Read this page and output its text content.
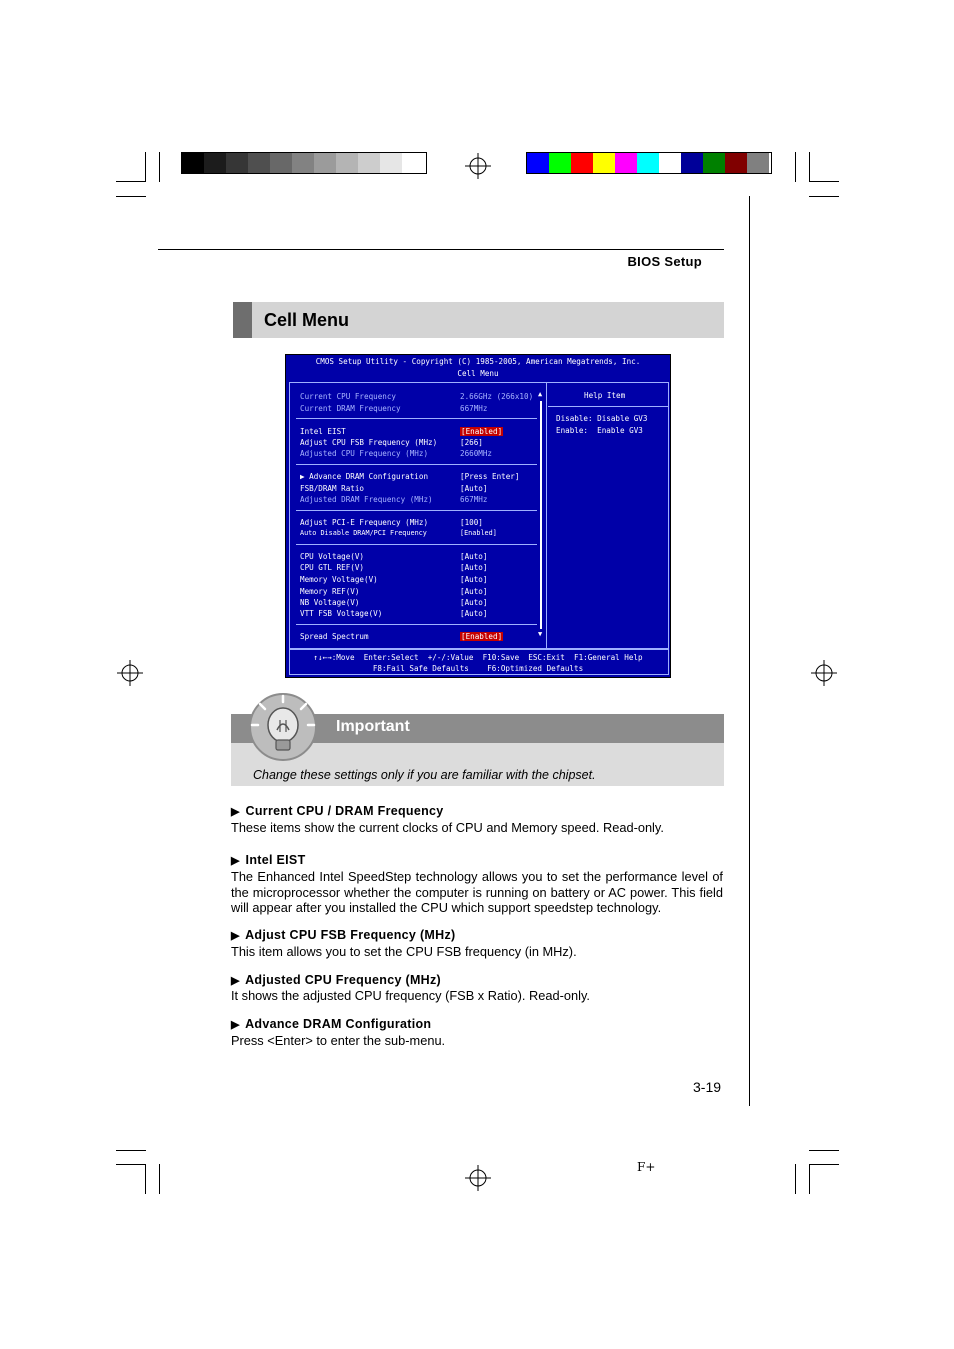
BIOS Setup
Cell Menu
CMOS Setup Utility - Copyright (C) 1985-2005, American Megatrends, Inc.
Cell Menu
▲
▼
Help Item
Disable: Disable GV3
Enable:  Enable GV3
Current CPU Frequency	2.66GHz (266x10)
Current DRAM Frequency	667MHz
Intel EIST	[Enabled]
Adjust CPU FSB Frequency (MHz)	[266]
Adjusted CPU Frequency (MHz)	2660MHz
▶ Advance DRAM Configuration	[Press Enter]
FSB/DRAM Ratio	[Auto]
Adjusted DRAM Frequency (MHz)	667MHz
Adjust PCI-E Frequency (MHz)	[100]
Auto Disable DRAM/PCI Frequency	[Enabled]
CPU Voltage(V)	[Auto]
CPU GTL REF(V)	[Auto]
Memory Voltage(V)	[Auto]
Memory REF(V)	[Auto]
NB Voltage(V)	[Auto]
VTT FSB Voltage(V)	[Auto]
Spread Spectrum	[Enabled]
↑↓←→:Move  Enter:Select  +/-/:Value  F10:Save  ESC:Exit  F1:General Help
F8:Fail Safe Defaults    F6:Optimized Defaults
Important
Change these settings only if you are familiar with the chipset.
▶ Current CPU / DRAM Frequency
These items show the current clocks of CPU and Memory speed. Read-only.
▶ Intel EIST
The Enhanced Intel SpeedStep technology allows you to set the performance level of the microprocessor whether the computer is running on battery or AC power. This field will appear after you installed the CPU which support speedstep technology.
▶ Adjust CPU FSB Frequency (MHz)
This item allows you to set the CPU FSB frequency (in MHz).
▶ Adjusted CPU Frequency (MHz)
It shows the adjusted CPU frequency (FSB x Ratio). Read-only.
▶ Advance DRAM Configuration
Press <Enter> to enter the sub-menu.
3-19
F+
